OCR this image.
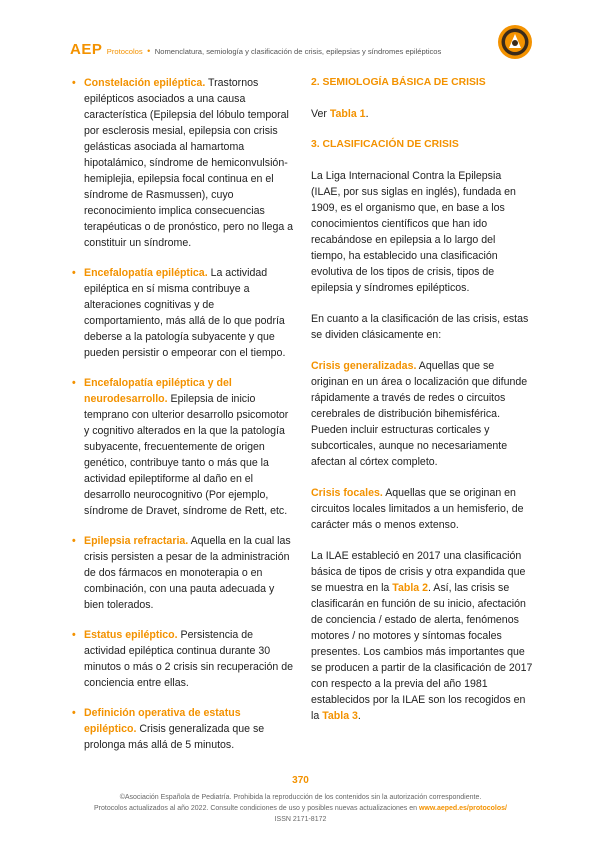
AEP Protocolos • Nomenclatura, semiología y clasificación de crisis, epilepsias y síndromes epilépticos
• Constelación epiléptica. Trastornos epilépticos asociados a una causa característica (Epilepsia del lóbulo temporal por esclerosis mesial, epilepsia con crisis gelásticas asociada al hamartoma hipotalámico, síndrome de hemiconvulsión-hemiplejia, epilepsia focal continua en el síndrome de Rasmussen), cuyo reconocimiento implica consecuencias terapéuticas o de pronóstico, pero no llega a constituir un síndrome.
• Encefalopatía epiléptica. La actividad epiléptica en sí misma contribuye a alteraciones cognitivas y de comportamiento, más allá de lo que podría deberse a la patología subyacente y que pueden persistir o empeorar con el tiempo.
• Encefalopatía epiléptica y del neurodesarrollo. Epilepsia de inicio temprano con ulterior desarrollo psicomotor y cognitivo alterados en la que la patología subyacente, frecuentemente de origen genético, contribuye tanto o más que la actividad epileptiforme al daño en el desarrollo neurocognitivo (Por ejemplo, síndrome de Dravet, síndrome de Rett, etc.
• Epilepsia refractaria. Aquella en la cual las crisis persisten a pesar de la administración de dos fármacos en monoterapia o en combinación, con una pauta adecuada y bien tolerados.
• Estatus epiléptico. Persistencia de actividad epiléptica continua durante 30 minutos o más o 2 crisis sin recuperación de conciencia entre ellas.
• Definición operativa de estatus epiléptico. Crisis generalizada que se prolonga más allá de 5 minutos.
2. SEMIOLOGÍA BÁSICA DE CRISIS
Ver Tabla 1.
3. CLASIFICACIÓN DE CRISIS
La Liga Internacional Contra la Epilepsia (ILAE, por sus siglas en inglés), fundada en 1909, es el organismo que, en base a los conocimientos científicos que han ido recabándose en epilepsia a lo largo del tiempo, ha establecido una clasificación evolutiva de los tipos de crisis, tipos de epilepsia y síndromes epilépticos.
En cuanto a la clasificación de las crisis, estas se dividen clásicamente en:
Crisis generalizadas. Aquellas que se originan en un área o localización que difunde rápidamente a través de redes o circuitos cerebrales de distribución bihemisférica. Pueden incluir estructuras corticales y subcorticales, aunque no necesariamente afectan al córtex completo.
Crisis focales. Aquellas que se originan en circuitos locales limitados a un hemisferio, de carácter más o menos extenso.
La ILAE estableció en 2017 una clasificación básica de tipos de crisis y otra expandida que se muestra en la Tabla 2. Así, las crisis se clasificarán en función de su inicio, afectación de conciencia / estado de alerta, fenómenos motores / no motores y síntomas focales presentes. Los cambios más importantes que se producen a partir de la clasificación de 2017 con respecto a la previa del año 1981 establecidos por la ILAE son los recogidos en la Tabla 3.
370
©Asociación Española de Pediatría. Prohibida la reproducción de los contenidos sin la autorización correspondiente.
Protocolos actualizados al año 2022. Consulte condiciones de uso y posibles nuevas actualizaciones en www.aeped.es/protocolos/
ISSN 2171-8172
